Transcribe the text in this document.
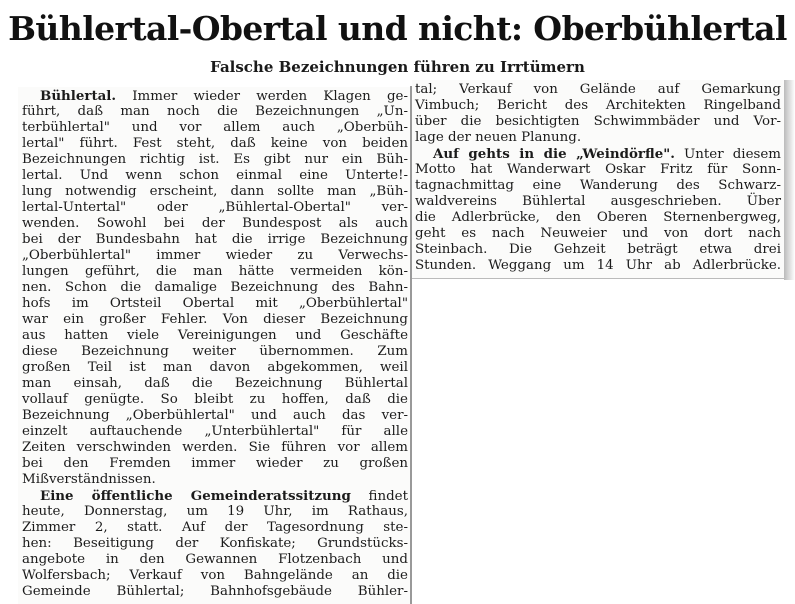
Bühlertal-Obertal und nicht: Oberbühlertal
Falsche Bezeichnungen führen zu Irrtümern
Bühlertal. Immer wieder werden Klagen ge-
führt, daß man noch die Bezeichnungen „Un-
terbühlertal" und vor allem auch „Oberbüh-
lertal" führt. Fest steht, daß keine von beiden
Bezeichnungen richtig ist. Es gibt nur ein Büh-
lertal. Und wenn schon einmal eine Unterte!-
lung notwendig erscheint, dann sollte man „Büh-
lertal-Untertal" oder „Bühlertal-Obertal" ver-
wenden. Sowohl bei der Bundespost als auch
bei der Bundesbahn hat die irrige Bezeichnung
„Oberbühlertal" immer wieder zu Verwechs-
lungen geführt, die man hätte vermeiden kön-
nen. Schon die damalige Bezeichnung des Bahn-
hofs im Ortsteil Obertal mit „Oberbühlertal"
war ein großer Fehler. Von dieser Bezeichnung
aus hatten viele Vereinigungen und Geschäfte
diese Bezeichnung weiter übernommen. Zum
großen Teil ist man davon abgekommen, weil
man einsah, daß die Bezeichnung Bühlertal
vollauf genügte. So bleibt zu hoffen, daß die
Bezeichnung „Oberbühlertal" und auch das ver-
einzelt auftauchende „Unterbühlertal" für alle
Zeiten verschwinden werden. Sie führen vor allem
bei den Fremden immer wieder zu großen
Mißverständnissen.
Eine öffentliche Gemeinderatssitzung findet
heute, Donnerstag, um 19 Uhr, im Rathaus,
Zimmer 2, statt. Auf der Tagesordnung ste-
hen: Beseitigung der Konfiskate; Grundstücks-
angebote in den Gewannen Flotzenbach und
Wolfersbach; Verkauf von Bahngelände an die
Gemeinde Bühlertal; Bahnhofsgebäude Bühler-
tal; Verkauf von Gelände auf Gemarkung
Vimbuch; Bericht des Architekten Ringelband
über die besichtigten Schwimmbäder und Vor-
lage der neuen Planung.
Auf gehts in die „Weindörfle". Unter diesem
Motto hat Wanderwart Oskar Fritz für Sonn-
tagnachmittag eine Wanderung des Schwarz-
waldvereins Bühlertal ausgeschrieben. Über
die Adlerbrücke, den Oberen Sternenbergweg,
geht es nach Neuweier und von dort nach
Steinbach. Die Gehzeit beträgt etwa drei
Stunden. Weggang um 14 Uhr ab Adlerbrücke.
